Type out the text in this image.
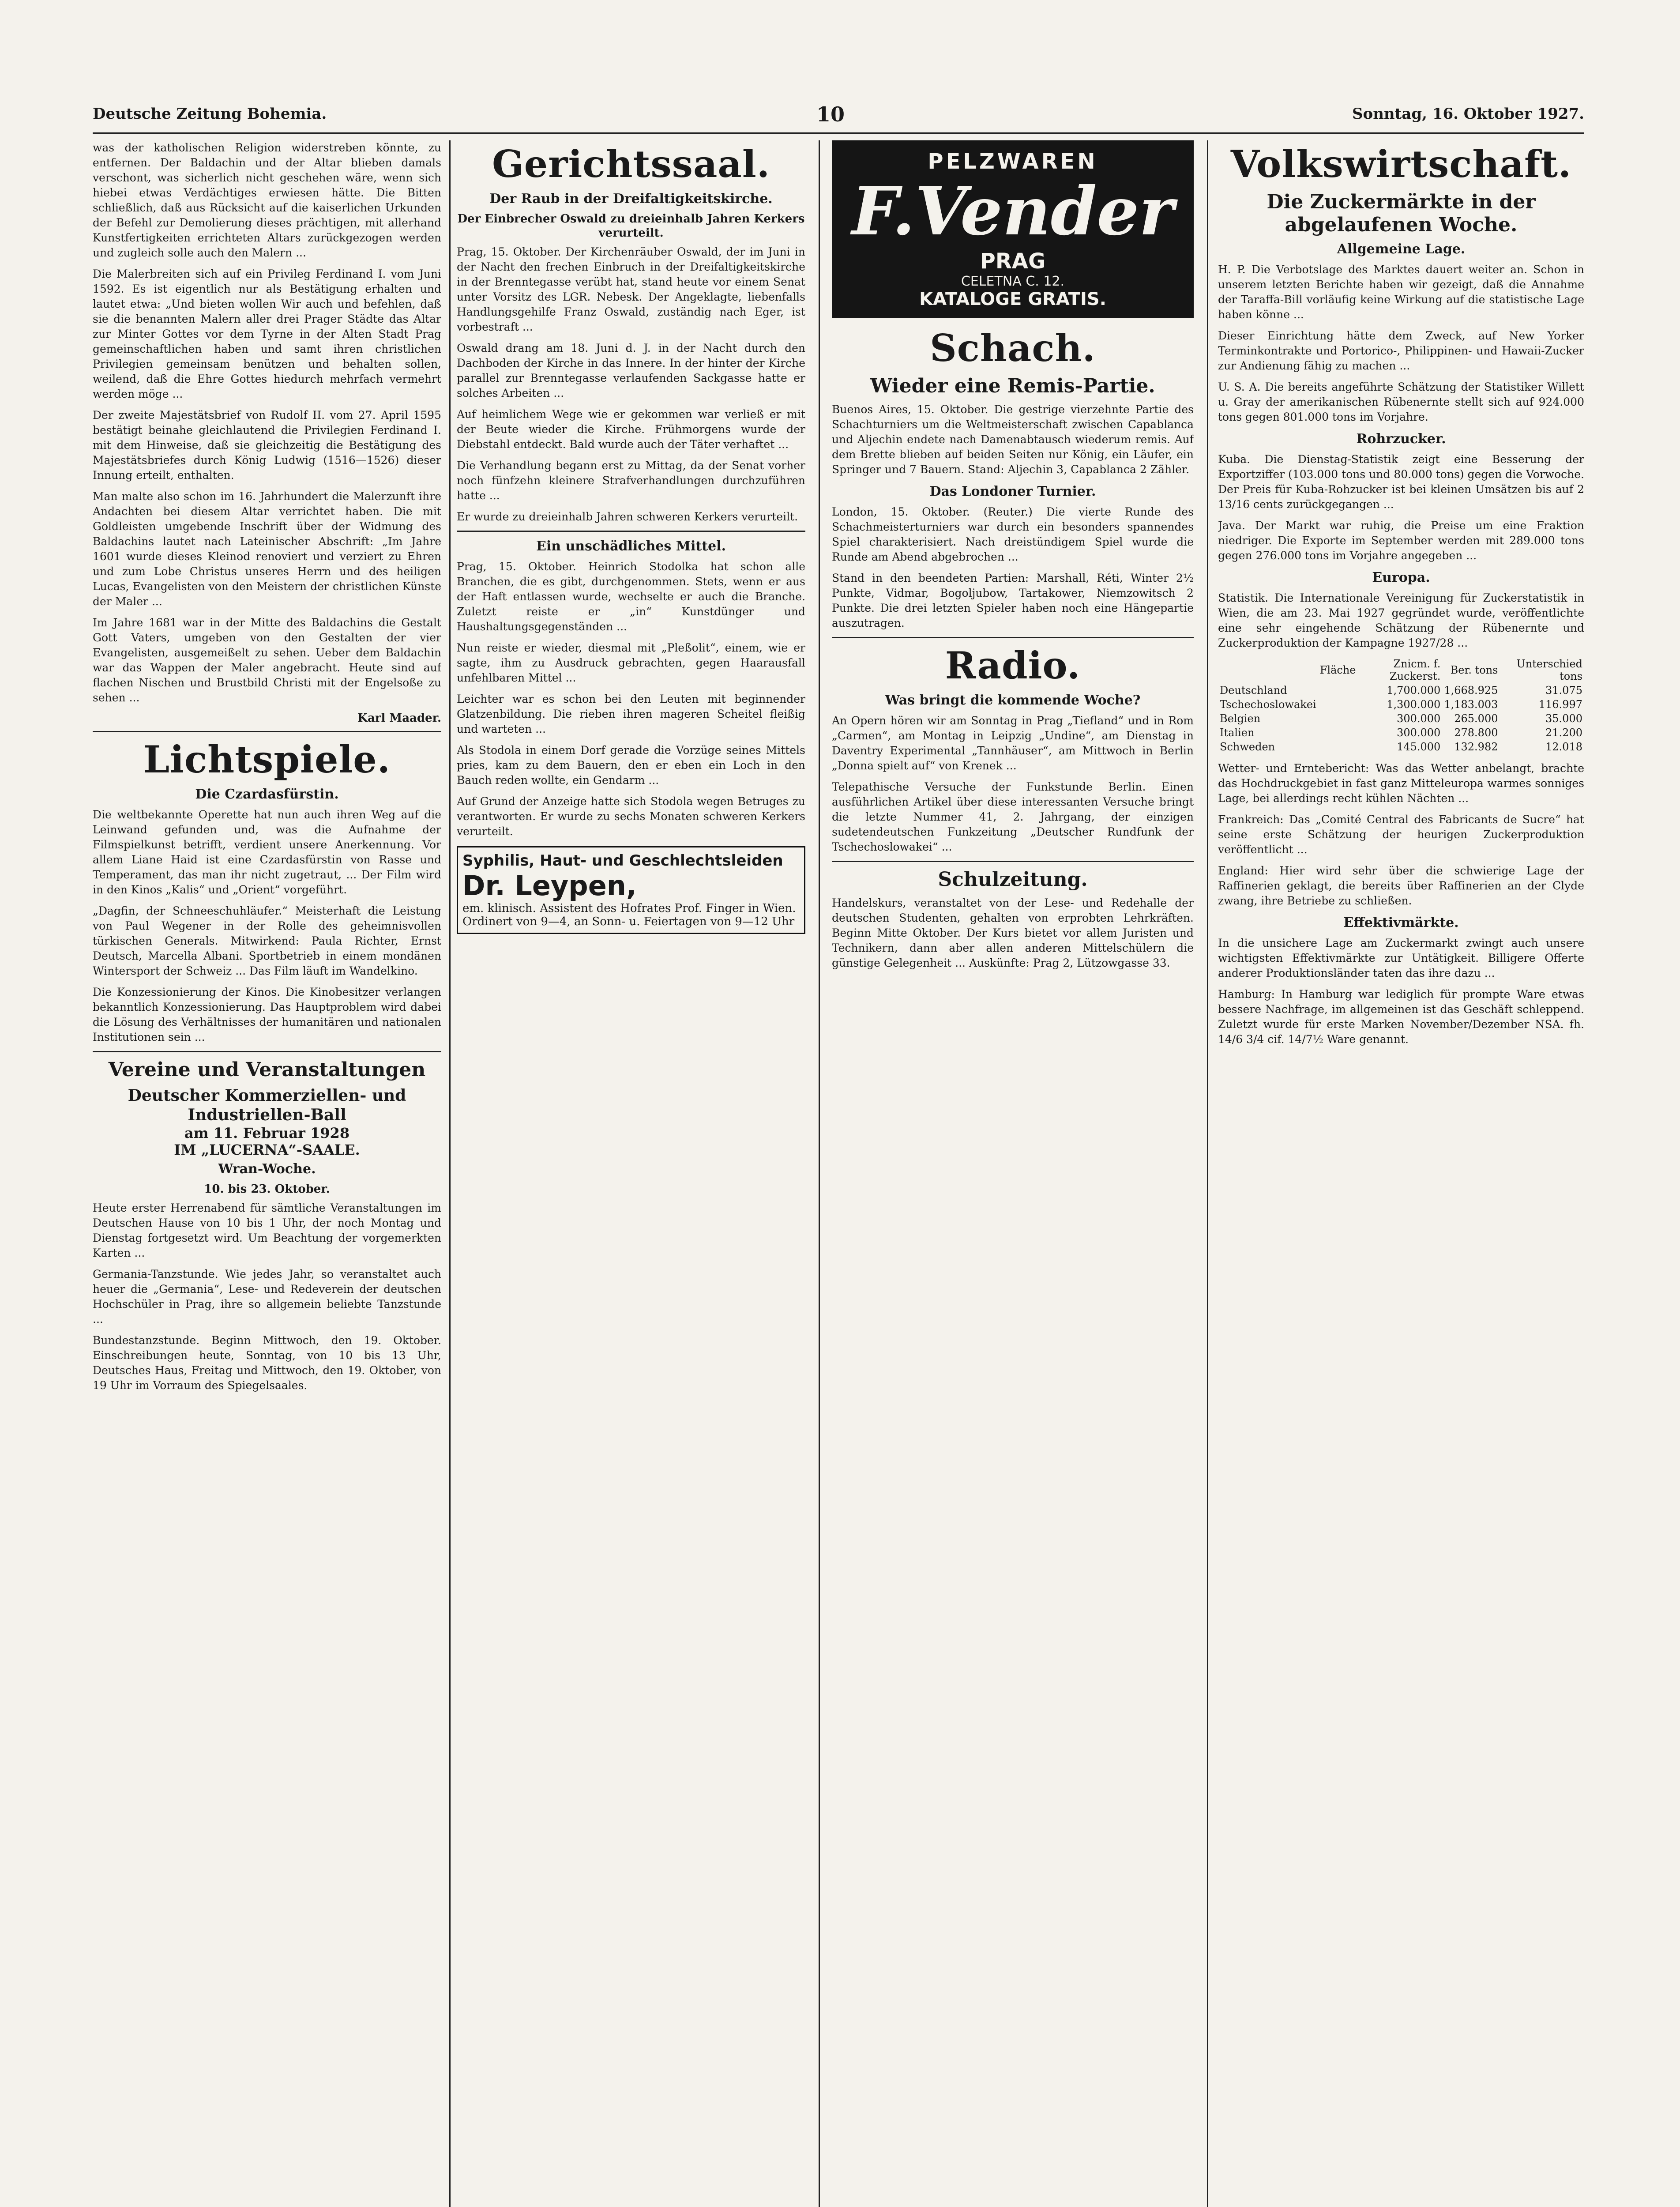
Deutsche Zeitung Bohemia.	10	Sonntag, 16. Oktober 1927.

was der katholischen Religion widerstreben könnte, zu entfernen. Der Baldachin und der Altar blieben damals verschont, was sicherlich nicht geschehen wäre, wenn sich hiebei etwas Verdächtiges erwiesen hätte. Die Bitten schließlich, daß aus Rücksicht auf die kaiserlichen Urkunden der Befehl zur Demolierung dieses prächtigen, mit allerhand Kunstfertigkeiten errichteten Altars zurückgezogen werden und zugleich solle auch den Malern ...

Die Malerbreiten sich auf ein Privileg Ferdinand I. vom Juni 1592. Es ist eigentlich nur als Bestätigung erhalten und lautet etwa: „Und bieten wollen Wir auch und befehlen, daß sie die benannten Malern aller drei Prager Städte das Altar zur Minter Gottes vor dem Tyrne in der Alten Stadt Prag gemeinschaftlichen haben und samt ihren christlichen Privilegien gemeinsam benützen und behalten sollen, weilend, daß die Ehre Gottes hiedurch mehrfach vermehrt werden möge ...

Der zweite Majestätsbrief von Rudolf II. vom 27. April 1595 bestätigt beinahe gleichlautend die Privilegien Ferdinand I. mit dem Hinweise, daß sie gleichzeitig die Bestätigung des Majestätsbriefes durch König Ludwig (1516—1526) dieser Innung erteilt, enthalten.

Man malte also schon im 16. Jahrhundert die Malerzunft ihre Andachten bei diesem Altar verrichtet haben. Die mit Goldleisten umgebende Inschrift über der Widmung des Baldachins lautet nach Lateinischer Abschrift: „Im Jahre 1601 wurde dieses Kleinod renoviert und verziert zu Ehren und zum Lobe Christus unseres Herrn und des heiligen Lucas, Evangelisten von den Meistern der christlichen Künste der Maler ...

Im Jahre 1681 war in der Mitte des Baldachins die Gestalt Gott Vaters, umgeben von den Gestalten der vier Evangelisten, ausgemeißelt zu sehen. Ueber dem Baldachin war das Wappen der Maler angebracht. Heute sind auf flachen Nischen und Brustbild Christi mit der Engelsoße zu sehen ...

Karl Maader.
Lichtspiele.
Die Czardasfürstin.

Die weltbekannte Operette hat nun auch ihren Weg auf die Leinwand gefunden und, was die Aufnahme der Filmspielkunst betrifft, verdient unsere Anerkennung. Vor allem Liane Haid ist eine Czardasfürstin von Rasse und Temperament, das man ihr nicht zugetraut, ... Der Film wird in den Kinos „Kalis“ und „Orient“ vorgeführt.

„Dagfin, der Schneeschuhläufer.“ Meisterhaft die Leistung von Paul Wegener in der Rolle des geheimnisvollen türkischen Generals. Mitwirkend: Paula Richter, Ernst Deutsch, Marcella Albani. Sportbetrieb in einem mondänen Wintersport der Schweiz ... Das Film läuft im Wandelkino.

Die Konzessionierung der Kinos. Die Kinobesitzer verlangen bekanntlich Konzessionierung. Das Hauptproblem wird dabei die Lösung des Verhältnisses der humanitären und nationalen Institutionen sein ...

Vereine und Veranstaltungen
Deutscher Kommerziellen- und Industriellen-Ball
am 11. Februar 1928
IM „LUCERNA“-SAALE.
Wran-Woche.
10. bis 23. Oktober.

Heute erster Herrenabend für sämtliche Veranstaltungen im Deutschen Hause von 10 bis 1 Uhr, der noch Montag und Dienstag fortgesetzt wird. Um Beachtung der vorgemerkten Karten ...

Germania-Tanzstunde. Wie jedes Jahr, so veranstaltet auch heuer die „Germania“, Lese- und Redeverein der deutschen Hochschüler in Prag, ihre so allgemein beliebte Tanzstunde ...

Bundestanzstunde. Beginn Mittwoch, den 19. Oktober. Einschreibungen heute, Sonntag, von 10 bis 13 Uhr, Deutsches Haus, Freitag und Mittwoch, den 19. Oktober, von 19 Uhr im Vorraum des Spiegelsaales.

Gerichtssaal.
Der Raub in der Dreifaltigkeitskirche.
Der Einbrecher Oswald zu dreieinhalb Jahren Kerkers verurteilt.

Prag, 15. Oktober. Der Kirchenräuber Oswald, der im Juni in der Nacht den frechen Einbruch in der Dreifaltigkeitskirche in der Brenntegasse verübt hat, stand heute vor einem Senat unter Vorsitz des LGR. Nebesk. Der Angeklagte, liebenfalls Handlungsgehilfe Franz Oswald, zuständig nach Eger, ist vorbestraft ...

Oswald drang am 18. Juni d. J. in der Nacht durch den Dachboden der Kirche in das Innere. In der hinter der Kirche parallel zur Brenntegasse verlaufenden Sackgasse hatte er solches Arbeiten ...

Auf heimlichem Wege wie er gekommen war verließ er mit der Beute wieder die Kirche. Frühmorgens wurde der Diebstahl entdeckt. Bald wurde auch der Täter verhaftet ...

Die Verhandlung begann erst zu Mittag, da der Senat vorher noch fünfzehn kleinere Strafverhandlungen durchzuführen hatte ...

Er wurde zu dreieinhalb Jahren schweren Kerkers verurteilt.

Ein unschädliches Mittel.

Prag, 15. Oktober. Heinrich Stodolka hat schon alle Branchen, die es gibt, durchgenommen. Stets, wenn er aus der Haft entlassen wurde, wechselte er auch die Branche. Zuletzt reiste er „in“ Kunstdünger und Haushaltungsgegenständen ...

Nun reiste er wieder, diesmal mit „Pleßolit“, einem, wie er sagte, ihm zu Ausdruck gebrachten, gegen Haarausfall unfehlbaren Mittel ...

Leichter war es schon bei den Leuten mit beginnender Glatzenbildung. Die rieben ihren mageren Scheitel fleißig und warteten ...

Als Stodola in einem Dorf gerade die Vorzüge seines Mittels pries, kam zu dem Bauern, den er eben ein Loch in den Bauch reden wollte, ein Gendarm ...

Auf Grund der Anzeige hatte sich Stodola wegen Betruges zu verantworten. Er wurde zu sechs Monaten schweren Kerkers verurteilt.

Syphilis, Haut- und Geschlechtsleiden
Dr. Leypen,
em. klinisch. Assistent des Hofrates Prof. Finger in Wien. Ordinert von 9—4, an Sonn- u. Feiertagen von 9—12 Uhr
PELZWAREN
F.Vender
PRAG
CELETNA C. 12.
KATALOGE GRATIS.
Schach.
Wieder eine Remis-Partie.

Buenos Aires, 15. Oktober. Die gestrige vierzehnte Partie des Schachturniers um die Weltmeisterschaft zwischen Capablanca und Aljechin endete nach Damenabtausch wiederum remis. Auf dem Brette blieben auf beiden Seiten nur König, ein Läufer, ein Springer und 7 Bauern. Stand: Aljechin 3, Capablanca 2 Zähler.

Das Londoner Turnier.

London, 15. Oktober. (Reuter.) Die vierte Runde des Schachmeisterturniers war durch ein besonders spannendes Spiel charakterisiert. Nach dreistündigem Spiel wurde die Runde am Abend abgebrochen ...

Stand in den beendeten Partien: Marshall, Réti, Winter 2½ Punkte, Vidmar, Bogoljubow, Tartakower, Niemzowitsch 2 Punkte. Die drei letzten Spieler haben noch eine Hängepartie auszutragen.

Radio.
Was bringt die kommende Woche?

An Opern hören wir am Sonntag in Prag „Tiefland“ und in Rom „Carmen“, am Montag in Leipzig „Undine“, am Dienstag in Daventry Experimental „Tannhäuser“, am Mittwoch in Berlin „Donna spielt auf“ von Krenek ...

Telepathische Versuche der Funkstunde Berlin. Einen ausführlichen Artikel über diese interessanten Versuche bringt die letzte Nummer 41, 2. Jahrgang, der einzigen sudetendeutschen Funkzeitung „Deutscher Rundfunk der Tschechoslowakei“ ...

Schulzeitung.

Handelskurs, veranstaltet von der Lese- und Redehalle der deutschen Studenten, gehalten von erprobten Lehrkräften. Beginn Mitte Oktober. Der Kurs bietet vor allem Juristen und Technikern, dann aber allen anderen Mittelschülern die günstige Gelegenheit ... Auskünfte: Prag 2, Lützowgasse 33.

Volkswirtschaft.
Die Zuckermärkte in der abgelaufenen Woche.
Allgemeine Lage.

H. P. Die Verbotslage des Marktes dauert weiter an. Schon in unserem letzten Berichte haben wir gezeigt, daß die Annahme der Taraffa-Bill vorläufig keine Wirkung auf die statistische Lage haben könne ...

Dieser Einrichtung hätte dem Zweck, auf New Yorker Terminkontrakte und Portorico-, Philippinen- und Hawaii-Zucker zur Andienung fähig zu machen ...

U. S. A. Die bereits angeführte Schätzung der Statistiker Willett u. Gray der amerikanischen Rübenernte stellt sich auf 924.000 tons gegen 801.000 tons im Vorjahre.

Rohrzucker.

Kuba. Die Dienstag-Statistik zeigt eine Besserung der Exportziffer (103.000 tons und 80.000 tons) gegen die Vorwoche. Der Preis für Kuba-Rohzucker ist bei kleinen Umsätzen bis auf 2 13/16 cents zurückgegangen ...

Java. Der Markt war ruhig, die Preise um eine Fraktion niedriger. Die Exporte im September werden mit 289.000 tons gegen 276.000 tons im Vorjahre angegeben ...

Europa.

Statistik. Die Internationale Vereinigung für Zuckerstatistik in Wien, die am 23. Mai 1927 gegründet wurde, veröffentlichte eine sehr eingehende Schätzung der Rübenernte und Zuckerproduktion der Kampagne 1927/28 ...

	Fläche	Znicm. f. Zuckerst.	Ber. tons	Unterschied tons
Deutschland		1,700.000	1,668.925	31.075
Tschechoslowakei		1,300.000	1,183.003	116.997
Belgien		300.000	265.000	35.000
Italien		300.000	278.800	21.200
Schweden		145.000	132.982	12.018

Wetter- und Erntebericht: Was das Wetter anbelangt, brachte das Hochdruckgebiet in fast ganz Mitteleuropa warmes sonniges Lage, bei allerdings recht kühlen Nächten ...

Frankreich: Das „Comité Central des Fabricants de Sucre“ hat seine erste Schätzung der heurigen Zuckerproduktion veröffentlicht ...

England: Hier wird sehr über die schwierige Lage der Raffinerien geklagt, die bereits über Raffinerien an der Clyde zwang, ihre Betriebe zu schließen.

Effektivmärkte.

In die unsichere Lage am Zuckermarkt zwingt auch unsere wichtigsten Effektivmärkte zur Untätigkeit. Billigere Offerte anderer Produktionsländer taten das ihre dazu ...

Hamburg: In Hamburg war lediglich für prompte Ware etwas bessere Nachfrage, im allgemeinen ist das Geschäft schleppend. Zuletzt wurde für erste Marken November/Dezember NSA. fh. 14/6 3/4 cif. 14/7½ Ware genannt.
